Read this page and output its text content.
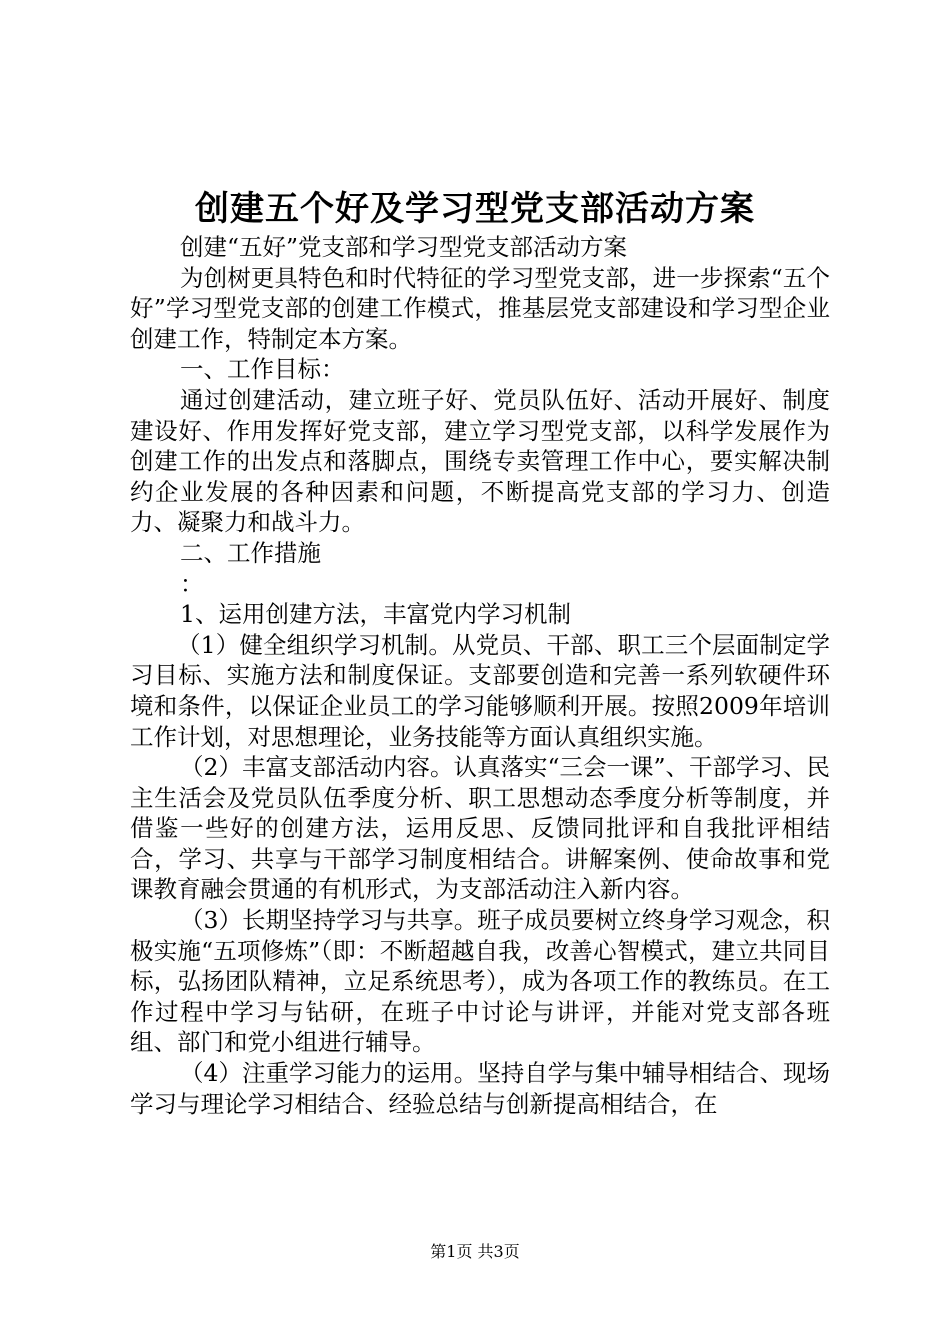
创建五个好及学习型党支部活动方案

创建“五好”党支部和学习型党支部活动方案

为创树更具特色和时代特征的学习型党支部，进一步探索“五个好”学习型党支部的创建工作模式，推基层党支部建设和学习型企业创建工作，特制定本方案。

一、工作目标：

通过创建活动，建立班子好、党员队伍好、活动开展好、制度建设好、作用发挥好党支部，建立学习型党支部，以科学发展作为创建工作的出发点和落脚点，围绕专卖管理工作中心，要实解决制约企业发展的各种因素和问题，不断提高党支部的学习力、创造力、凝聚力和战斗力。

二、工作措施

：

1、运用创建方法，丰富党内学习机制

（1）健全组织学习机制。从党员、干部、职工三个层面制定学习目标、实施方法和制度保证。支部要创造和完善一系列软硬件环境和条件，以保证企业员工的学习能够顺利开展。按照2009年培训工作计划，对思想理论，业务技能等方面认真组织实施。

（2）丰富支部活动内容。认真落实“三会一课”、干部学习、民主生活会及党员队伍季度分析、职工思想动态季度分析等制度，并借鉴一些好的创建方法，运用反思、反馈同批评和自我批评相结合，学习、共享与干部学习制度相结合。讲解案例、使命故事和党课教育融会贯通的有机形式，为支部活动注入新内容。

（3）长期坚持学习与共享。班子成员要树立终身学习观念，积极实施“五项修炼”（即：不断超越自我，改善心智模式，建立共同目标，弘扬团队精神，立足系统思考），成为各项工作的教练员。在工作过程中学习与钻研，在班子中讨论与讲评，并能对党支部各班组、部门和党小组进行辅导。

（4）注重学习能力的运用。坚持自学与集中辅导相结合、现场学习与理论学习相结合、经验总结与创新提高相结合，在

第1页 共3页
